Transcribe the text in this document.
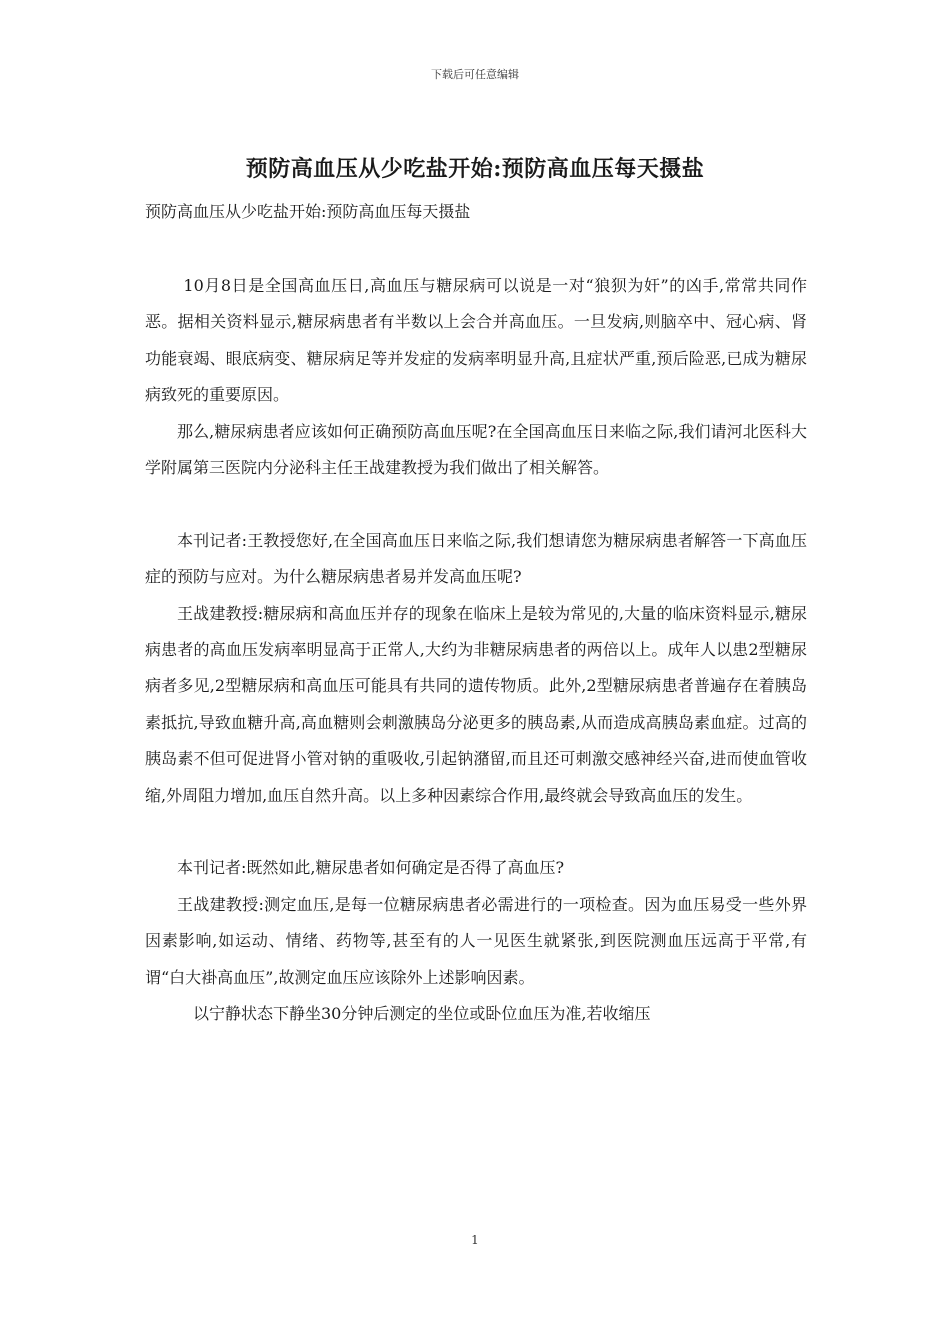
下载后可任意编辑
预防高血压从少吃盐开始:预防高血压每天摄盐
预防高血压从少吃盐开始:预防高血压每天摄盐

10月8日是全国高血压日,高血压与糖尿病可以说是一对“狼狈为奸”的凶手,常常共同作恶。据相关资料显示,糖尿病患者有半数以上会合并高血压。一旦发病,则脑卒中、冠心病、肾功能衰竭、眼底病变、糖尿病足等并发症的发病率明显升高,且症状严重,预后险恶,已成为糖尿病致死的重要原因。

那么,糖尿病患者应该如何正确预防高血压呢?在全国高血压日来临之际,我们请河北医科大学附属第三医院内分泌科主任王战建教授为我们做出了相关解答。

本刊记者:王教授您好,在全国高血压日来临之际,我们想请您为糖尿病患者解答一下高血压症的预防与应对。为什么糖尿病患者易并发高血压呢?

王战建教授:糖尿病和高血压并存的现象在临床上是较为常见的,大量的临床资料显示,糖尿病患者的高血压发病率明显高于正常人,大约为非糖尿病患者的两倍以上。成年人以患2型糖尿病者多见,2型糖尿病和高血压可能具有共同的遗传物质。此外,2型糖尿病患者普遍存在着胰岛素抵抗,导致血糖升高,高血糖则会刺激胰岛分泌更多的胰岛素,从而造成高胰岛素血症。过高的胰岛素不但可促进肾小管对钠的重吸收,引起钠潴留,而且还可刺激交感神经兴奋,进而使血管收缩,外周阻力增加,血压自然升高。以上多种因素综合作用,最终就会导致高血压的发生。

本刊记者:既然如此,糖尿患者如何确定是否得了高血压?

王战建教授:测定血压,是每一位糖尿病患者必需进行的一项检查。因为血压易受一些外界因素影响,如运动、情绪、药物等,甚至有的人一见医生就紧张,到医院测血压远高于平常,有谓“白大褂高血压”,故测定血压应该除外上述影响因素。

以宁静状态下静坐30分钟后测定的坐位或卧位血压为准,若收缩压

1
